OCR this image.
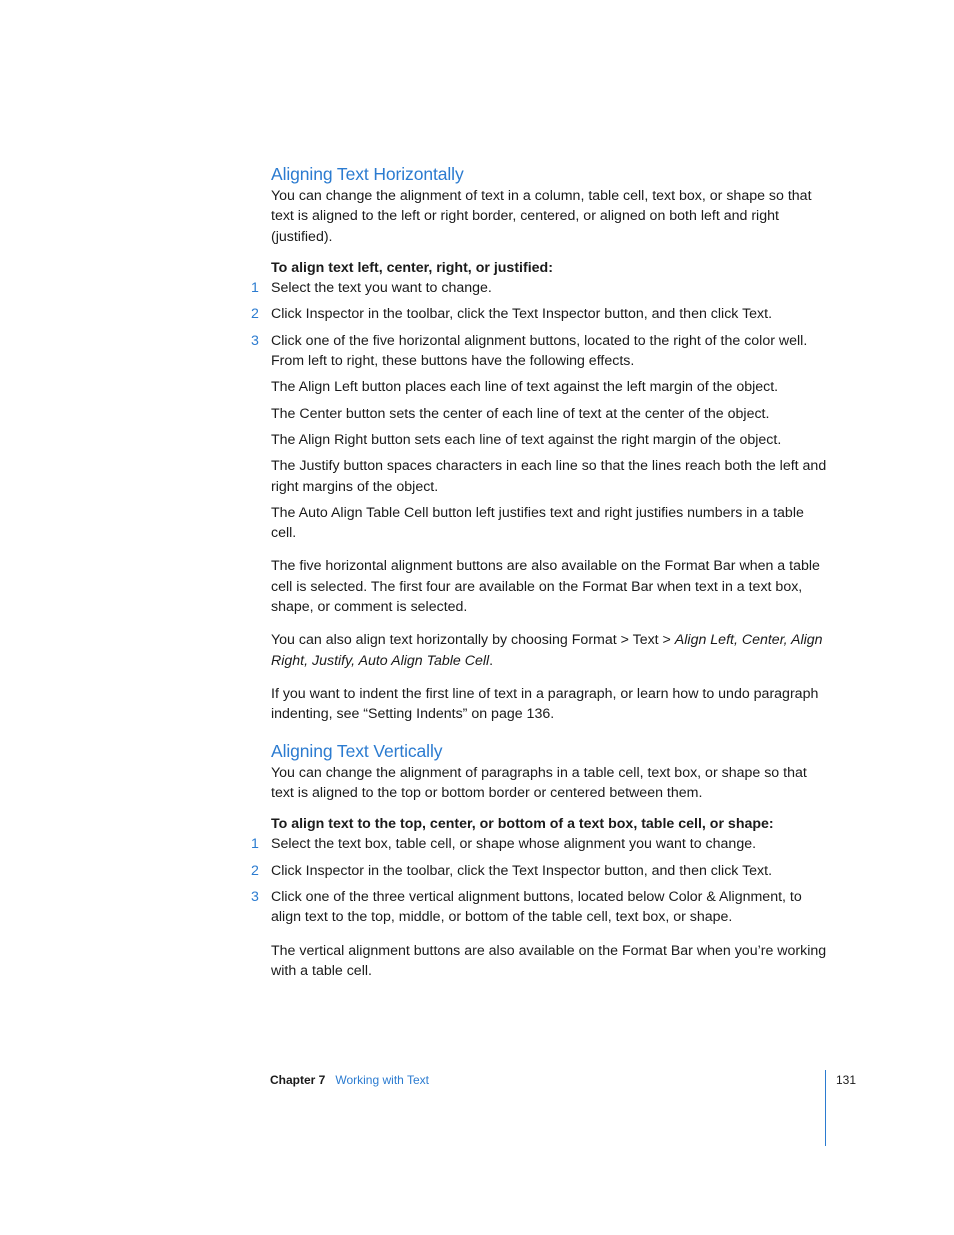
Aligning Text Horizontally

You can change the alignment of text in a column, table cell, text box, or shape so that text is aligned to the left or right border, centered, or aligned on both left and right (justified).

To align text left, center, right, or justified:

1 Select the text you want to change.

2 Click Inspector in the toolbar, click the Text Inspector button, and then click Text.

3 Click one of the five horizontal alignment buttons, located to the right of the color well. From left to right, these buttons have the following effects.

The Align Left button places each line of text against the left margin of the object.

The Center button sets the center of each line of text at the center of the object.

The Align Right button sets each line of text against the right margin of the object.

The Justify button spaces characters in each line so that the lines reach both the left and right margins of the object.

The Auto Align Table Cell button left justifies text and right justifies numbers in a table cell.

The five horizontal alignment buttons are also available on the Format Bar when a table cell is selected. The first four are available on the Format Bar when text in a text box, shape, or comment is selected.

You can also align text horizontally by choosing Format > Text > Align Left, Center, Align Right, Justify, Auto Align Table Cell.

If you want to indent the first line of text in a paragraph, or learn how to undo paragraph indenting, see “Setting Indents” on page 136.

Aligning Text Vertically

You can change the alignment of paragraphs in a table cell, text box, or shape so that text is aligned to the top or bottom border or centered between them.

To align text to the top, center, or bottom of a text box, table cell, or shape:

1 Select the text box, table cell, or shape whose alignment you want to change.

2 Click Inspector in the toolbar, click the Text Inspector button, and then click Text.

3 Click one of the three vertical alignment buttons, located below Color & Alignment, to align text to the top, middle, or bottom of the table cell, text box, or shape.

The vertical alignment buttons are also available on the Format Bar when you’re working with a table cell.

Chapter 7 Working with Text	131
